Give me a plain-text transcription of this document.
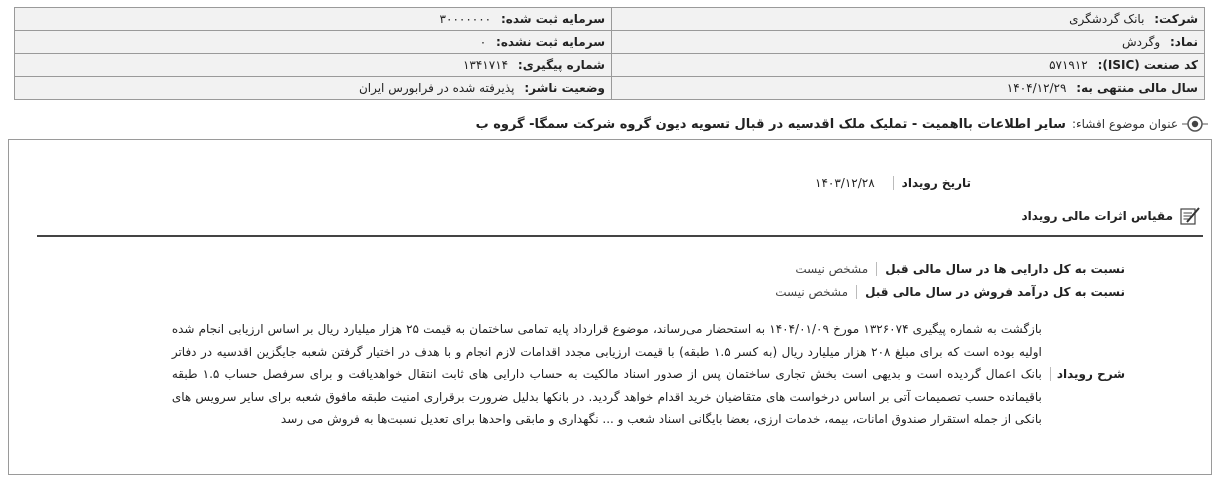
شرکت: بانک گردشگری	سرمایه ثبت شده: ۳۰۰۰۰۰۰۰
نماد: وگردش	سرمایه ثبت نشده: ۰
کد صنعت (ISIC): ۵۷۱۹۱۲	شماره پیگیری: ۱۳۴۱۷۱۴
سال مالی منتهی به: ۱۴۰۴/۱۲/۲۹	وضعیت ناشر: پذیرفته شده در فرابورس ایران
عنوان موضوع افشاء:
سایر اطلاعات بااهمیت - تملیک ملک اقدسیه در قبال تسویه دیون گروه شرکت سمگا- گروه ب
تاریخ رویداد
۱۴۰۳/۱۲/۲۸
مقیاس اثرات مالی رویداد
نسبت به کل دارایی ها در سال مالی قبل
مشخص نیست
نسبت به کل درآمد فروش در سال مالی قبل
مشخص نیست
شرح رویداد
بازگشت به شماره پیگیری ۱۳۲۶۰۷۴ مورخ ۱۴۰۴/۰۱/۰۹ به استحضار می‌رساند، موضوع قرارداد پایه تمامی ساختمان به قیمت ۲۵ هزار میلیارد ریال بر اساس ارزیابی انجام شده اولیه بوده است که برای مبلغ ۲۰۸ هزار میلیارد ریال (به کسر ۱.۵ طبقه) با قیمت ارزیابی مجدد اقدامات لازم انجام و با هدف در اختیار گرفتن شعبه جایگزین اقدسیه در دفاتر بانک اعمال گردیده است و بدیهی است بخش تجاری ساختمان پس از صدور اسناد مالکیت به حساب دارایی های ثابت انتقال خواهدیافت و برای سرفصل حساب ۱.۵ طبقه باقیمانده حسب تصمیمات آتی بر اساس درخواست های متقاضیان خرید اقدام خواهد گردید. در بانکها بدلیل ضرورت برقراری امنیت طبقه مافوق شعبه برای سایر سرویس های بانکی از جمله استقرار صندوق امانات، بیمه، خدمات ارزی، بعضا بایگانی اسناد شعب و ... نگهداری و مابقی واحدها برای تعدیل نسبت‌ها به فروش می رسد
